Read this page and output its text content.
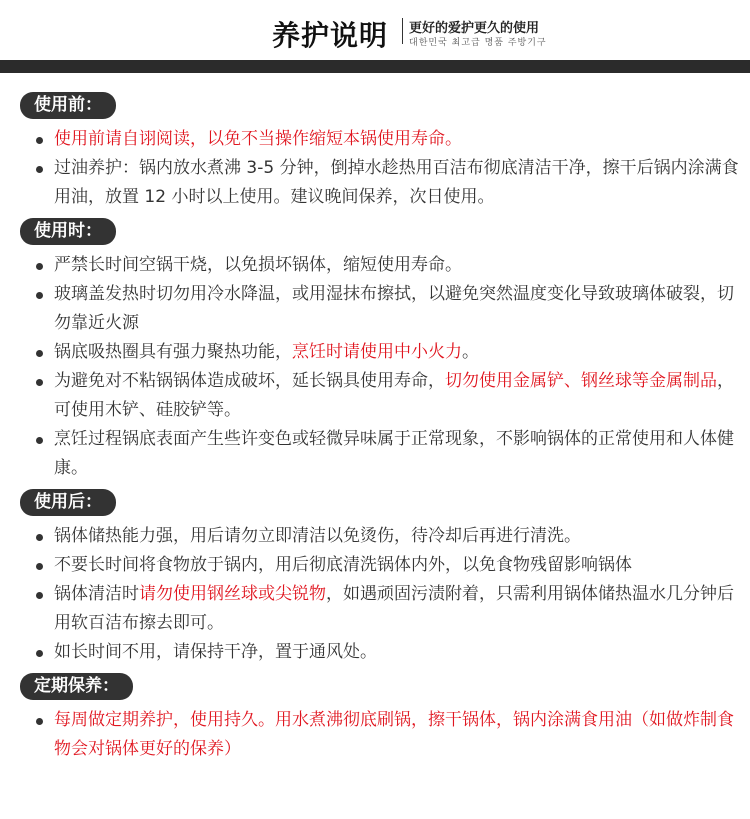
养护说明 更好的爱护更久的使用
대한민국 최고급 명품 주방기구
使用前：
使用前请自诩阅读，以免不当操作缩短本锅使用寿命。
过油养护：锅内放水煮沸 3-5 分钟，倒掉水趁热用百洁布彻底清洁干净，擦干后锅内涂满食用油，放置 12 小时以上使用。建议晚间保养，次日使用。
使用时：
严禁长时间空锅干烧，以免损坏锅体，缩短使用寿命。
玻璃盖发热时切勿用冷水降温，或用湿抹布擦拭，以避免突然温度变化导致玻璃体破裂，切勿靠近火源
锅底吸热圈具有强力聚热功能，烹饪时请使用中小火力。
为避免对不粘锅锅体造成破坏，延长锅具使用寿命，切勿使用金属铲、钢丝球等金属制品，可使用木铲、硅胶铲等。
烹饪过程锅底表面产生些许变色或轻微异味属于正常现象，不影响锅体的正常使用和人体健康。
使用后：
锅体储热能力强，用后请勿立即清洁以免烫伤，待冷却后再进行清洗。
不要长时间将食物放于锅内，用后彻底清洗锅体内外，以免食物残留影响锅体
锅体清洁时请勿使用钢丝球或尖锐物，如遇顽固污渍附着，只需利用锅体储热温水几分钟后用软百洁布擦去即可。
如长时间不用，请保持干净，置于通风处。
定期保养：
每周做定期养护，使用持久。用水煮沸彻底刷锅，擦干锅体，锅内涂满食用油（如做炸制食物会对锅体更好的保养）
